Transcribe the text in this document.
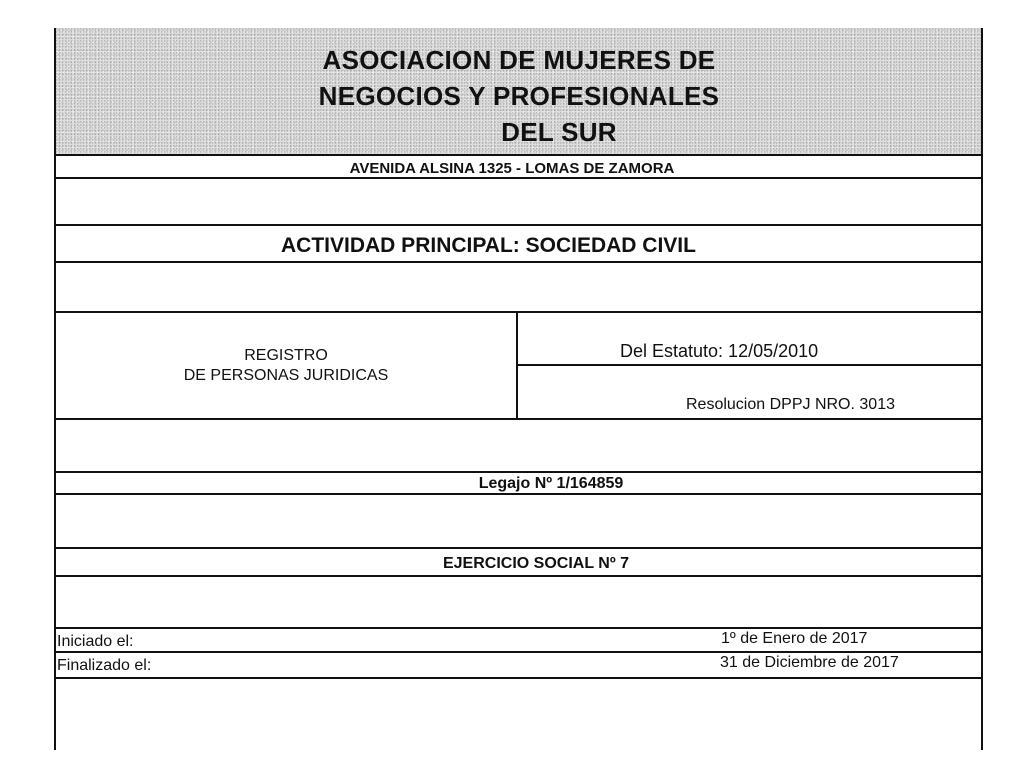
ASOCIACION DE MUJERES DE
NEGOCIOS Y PROFESIONALES
DEL SUR
AVENIDA ALSINA 1325 - LOMAS DE ZAMORA
ACTIVIDAD PRINCIPAL: SOCIEDAD CIVIL
REGISTRO
DE PERSONAS JURIDICAS
Del Estatuto: 12/05/2010
Resolucion DPPJ NRO. 3013
Legajo Nº 1/164859
EJERCICIO SOCIAL Nº 7
Iniciado el:	1º de Enero de 2017
Finalizado el:	31 de Diciembre de 2017
